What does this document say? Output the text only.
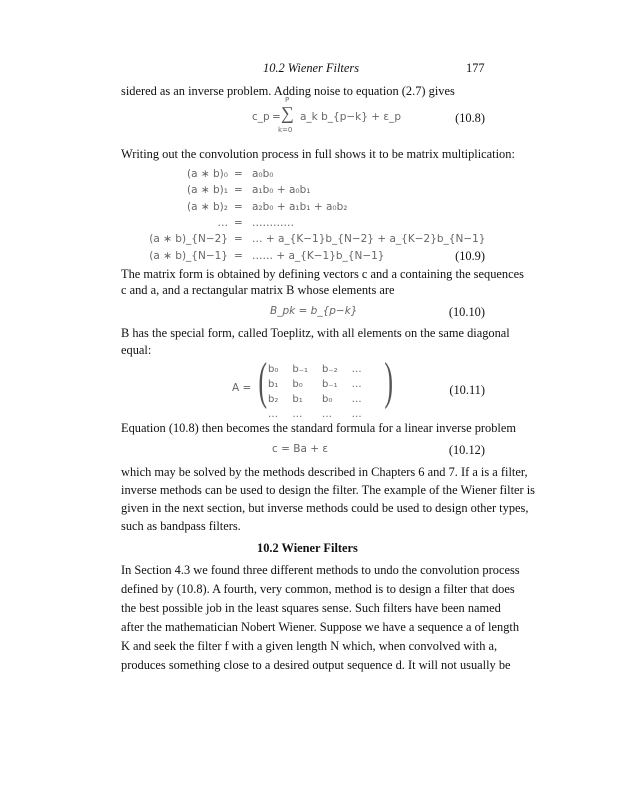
10.2 Wiener Filters	177
sidered as an inverse problem. Adding noise to equation (2.7) gives
c_p =
P
∑
k=0
a_k b_{p−k} + ε_p	(10.8)
Writing out the convolution process in full shows it to be matrix multiplication:
(a ∗ b)₀ = a₀b₀
(a ∗ b)₁ = a₁b₀ + a₀b₁
(a ∗ b)₂ = a₂b₀ + a₁b₁ + a₀b₂
… = …………
(a ∗ b)_{N−2} = … + a_{K−1}b_{N−2} + a_{K−2}b_{N−1}
(a ∗ b)_{N−1} = …… + a_{K−1}b_{N−1}	(10.9)
The matrix form is obtained by defining vectors c and a containing the sequences
c and a, and a rectangular matrix B whose elements are
B_pk = b_{p−k}	(10.10)
B has the special form, called Toeplitz, with all elements on the same diagonal
equal:
A = ( b₀	b₋₁	b₋₂	…
b₁	b₀	b₋₁	…
b₂	b₁	b₀	…
…	…	…	…
)	(10.11)
Equation (10.8) then becomes the standard formula for a linear inverse problem
c = Ba + ε	(10.12)
which may be solved by the methods described in Chapters 6 and 7. If a is a filter,
inverse methods can be used to design the filter. The example of the Wiener filter is
given in the next section, but inverse methods could be used to design other types,
such as bandpass filters.
10.2 Wiener Filters
In Section 4.3 we found three different methods to undo the convolution process
defined by (10.8). A fourth, very common, method is to design a filter that does
the best possible job in the least squares sense. Such filters have been named
after the mathematician Nobert Wiener. Suppose we have a sequence a of length
K and seek the filter f with a given length N which, when convolved with a,
produces something close to a desired output sequence d. It will not usually be
